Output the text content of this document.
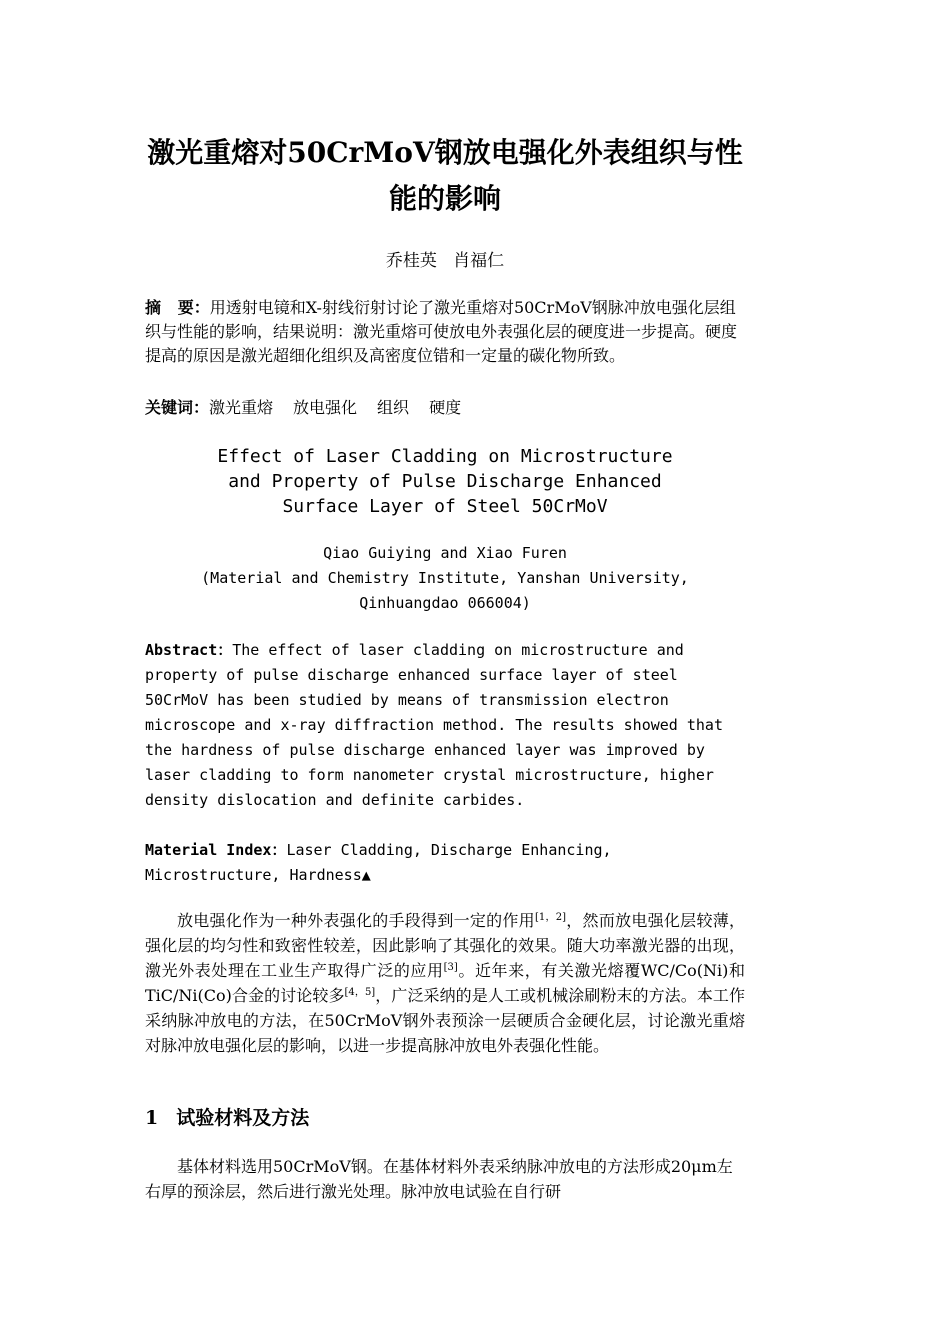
激光重熔对50CrMoV钢放电强化外表组织与性能的影响
乔桂英   肖福仁
摘   要：用透射电镜和X-射线衍射讨论了激光重熔对50CrMoV钢脉冲放电强化层组织与性能的影响，结果说明：激光重熔可使放电外表强化层的硬度进一步提高。硬度提高的原因是激光超细化组织及高密度位错和一定量的碳化物所致。
关键词：激光重熔 放电强化 组织 硬度
Effect of Laser Cladding on Microstructure
and Property of Pulse Discharge Enhanced
Surface Layer of Steel 50CrMoV
Qiao Guiying and Xiao Furen
(Material and Chemistry Institute, Yanshan University,
Qinhuangdao 066004)
Abstract：The effect of laser cladding on microstructure and property of pulse discharge enhanced surface layer of steel 50CrMoV has been studied by means of transmission electron microscope and x-ray diffraction method. The results showed that the hardness of pulse discharge enhanced layer was improved by laser cladding to form nanometer crystal microstructure, higher density dislocation and definite carbides.
Material Index：Laser Cladding, Discharge Enhancing, Microstructure, Hardness▲
放电强化作为一种外表强化的手段得到一定的作用[1，2]，然而放电强化层较薄，强化层的均匀性和致密性较差，因此影响了其强化的效果。随大功率激光器的出现，激光外表处理在工业生产取得广泛的应用[3]。近年来，有关激光熔覆WC/Co(Ni)和TiC/Ni(Co)合金的讨论较多[4，5]，广泛采纳的是人工或机械涂刷粉末的方法。本工作采纳脉冲放电的方法，在50CrMoV钢外表预涂一层硬质合金硬化层，讨论激光重熔对脉冲放电强化层的影响，以进一步提高脉冲放电外表强化性能。
1 试验材料及方法
基体材料选用50CrMoV钢。在基体材料外表采纳脉冲放电的方法形成20μm左右厚的预涂层，然后进行激光处理。脉冲放电试验在自行研
